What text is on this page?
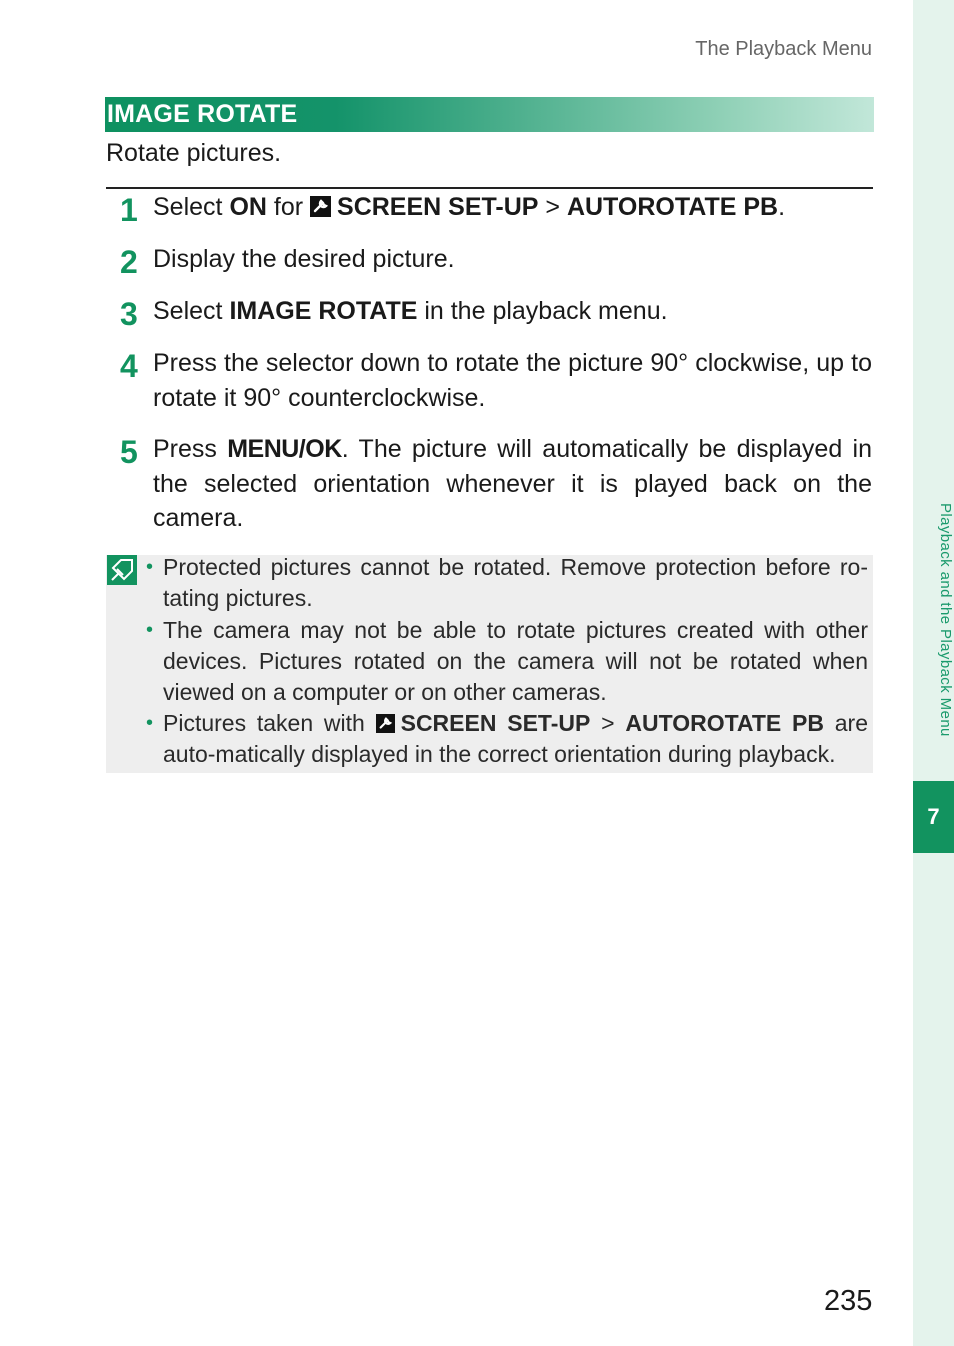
Playback and the Playback Menu
7
The Playback Menu
IMAGE ROTATE
Rotate pictures.
1 Select ON for
SCREEN SET-UP > AUTOROTATE PB.
2 Display the desired picture.
3 Select IMAGE ROTATE in the playback menu.
4 Press the selector down to rotate the picture 90° clockwise, up to rotate it 90° counterclockwise.
5 Press MENU/OK. The picture will automatically be displayed in the selected orientation whenever it is played back on the camera.
• Protected pictures cannot be rotated. Remove protection before ro-tating pictures.
• The camera may not be able to rotate pictures created with other devices. Pictures rotated on the camera will not be rotated when viewed on a computer or on other cameras.
• Pictures taken with
SCREEN SET-UP > AUTOROTATE PB are auto-matically displayed in the correct orientation during playback.
235
